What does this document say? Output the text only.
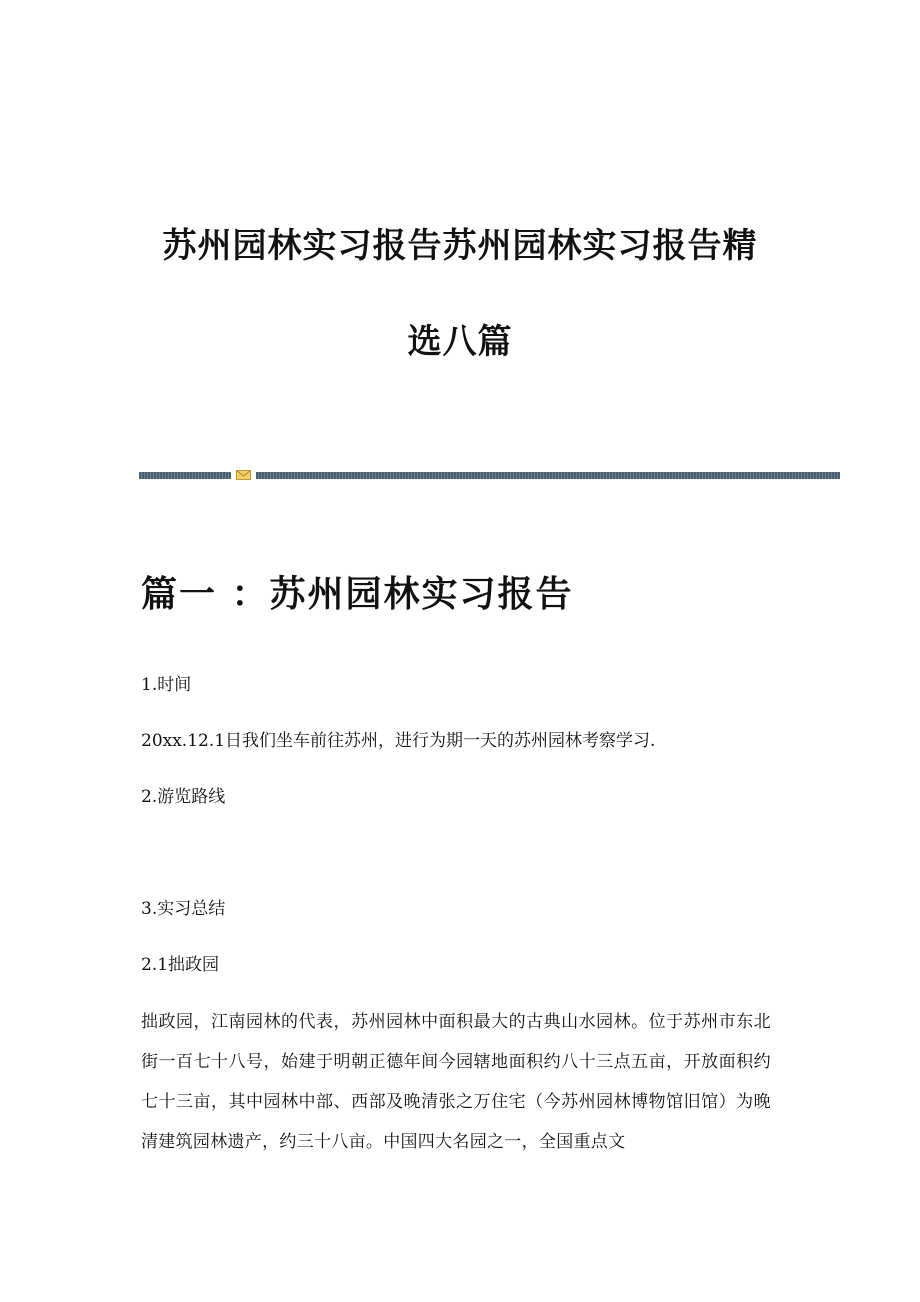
苏州园林实习报告苏州园林实习报告精
选八篇
篇一 ：苏州园林实习报告
1.时间
20xx.12.1日我们坐车前往苏州，进行为期一天的苏州园林考察学习.
2.游览路线
3.实习总结
2.1拙政园
拙政园，江南园林的代表，苏州园林中面积最大的古典山水园林。位于苏州市东北街一百七十八号，始建于明朝正德年间今园辖地面积约八十三点五亩，开放面积约七十三亩，其中园林中部、西部及晚清张之万住宅（今苏州园林博物馆旧馆）为晚清建筑园林遗产，约三十八亩。中国四大名园之一，全国重点文
